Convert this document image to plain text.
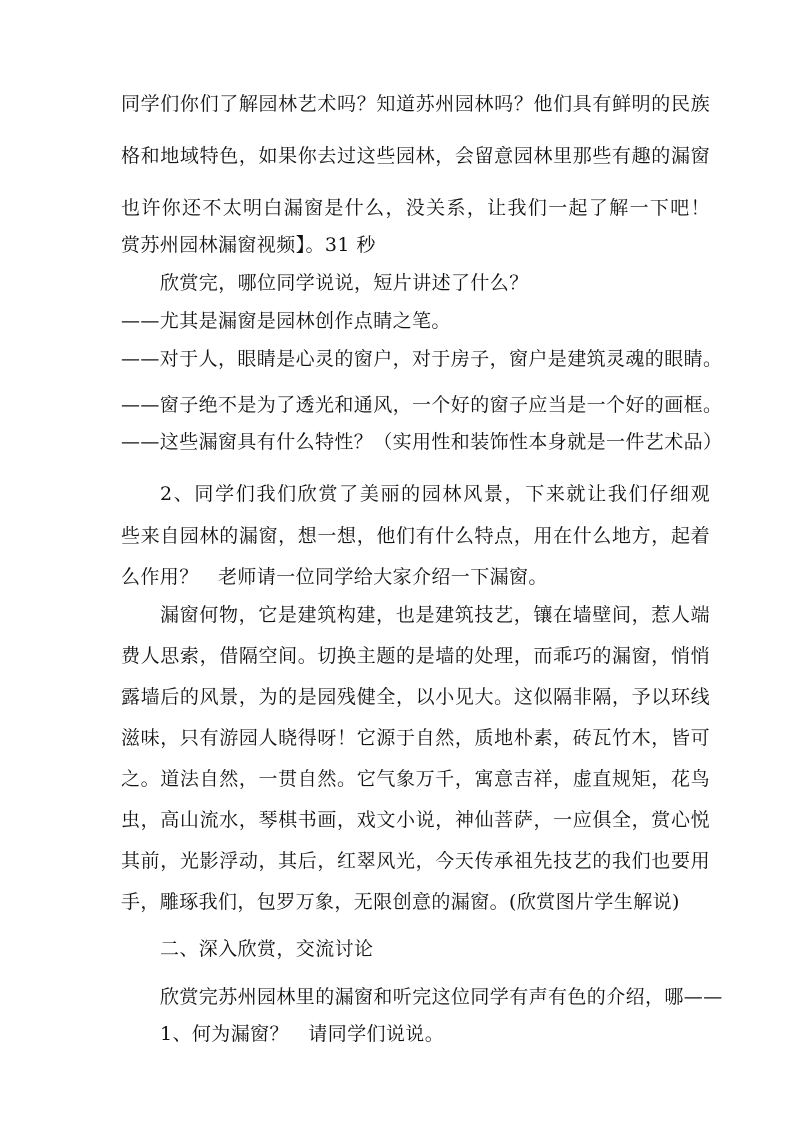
同学们你们了解园林艺术吗？知道苏州园林吗？他们具有鲜明的民族
格和地域特色，如果你去过这些园林，会留意园林里那些有趣的漏窗
也许你还不太明白漏窗是什么，没关系，让我们一起了解一下吧！
赏苏州园林漏窗视频】。31 秒
欣赏完，哪位同学说说，短片讲述了什么？
——尤其是漏窗是园林创作点睛之笔。
——对于人，眼睛是心灵的窗户，对于房子，窗户是建筑灵魂的眼睛。
——窗子绝不是为了透光和通风，一个好的窗子应当是一个好的画框。
——这些漏窗具有什么特性？（实用性和装饰性本身就是一件艺术品）
2、同学们我们欣赏了美丽的园林风景，下来就让我们仔细观
些来自园林的漏窗，想一想，他们有什么特点，用在什么地方，起着
么作用？　老师请一位同学给大家介绍一下漏窗。
漏窗何物，它是建筑构建，也是建筑技艺，镶在墙壁间，惹人端
费人思索，借隔空间。切换主题的是墙的处理，而乖巧的漏窗，悄悄
露墙后的风景，为的是园残健全，以小见大。这似隔非隔，予以环线
滋味，只有游园人晓得呀！它源于自然，质地朴素，砖瓦竹木，皆可
之。道法自然，一贯自然。它气象万千，寓意吉祥，虚直规矩，花鸟
虫，高山流水，琴棋书画，戏文小说，神仙菩萨，一应俱全，赏心悦
其前，光影浮动，其后，红翠风光，今天传承祖先技艺的我们也要用
手，雕琢我们，包罗万象，无限创意的漏窗。(欣赏图片学生解说)
二、深入欣赏，交流讨论
欣赏完苏州园林里的漏窗和听完这位同学有声有色的介绍，哪——
1、何为漏窗？　请同学们说说。
